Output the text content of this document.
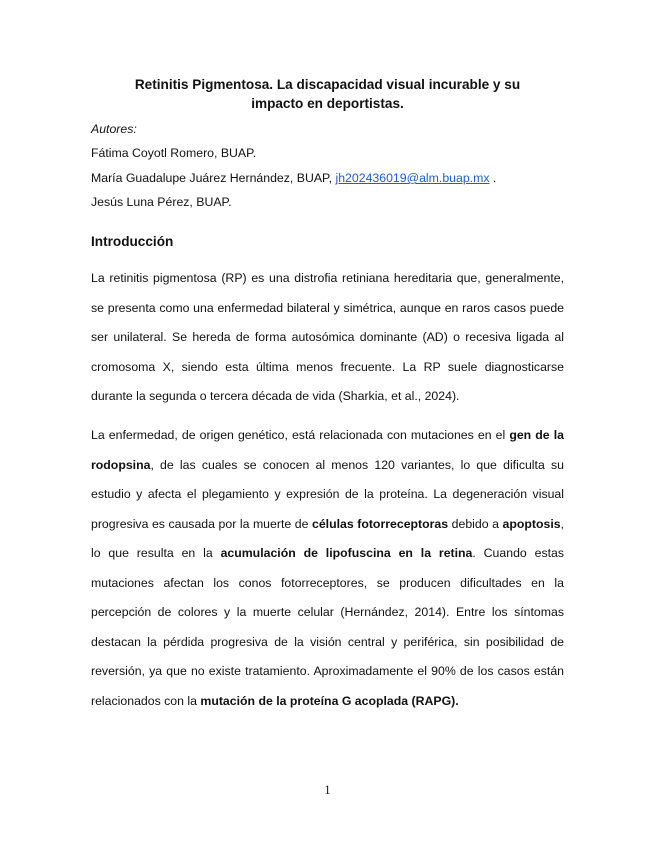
Retinitis Pigmentosa. La discapacidad visual incurable y su
impacto en deportistas.
Autores:
Fátima Coyotl Romero, BUAP.
María Guadalupe Juárez Hernández, BUAP, jh202436019@alm.buap.mx .
Jesús Luna Pérez, BUAP.
Introducción
La retinitis pigmentosa (RP) es una distrofia retiniana hereditaria que, generalmente, se presenta como una enfermedad bilateral y simétrica, aunque en raros casos puede ser unilateral. Se hereda de forma autosómica dominante (AD) o recesiva ligada al cromosoma X, siendo esta última menos frecuente. La RP suele diagnosticarse durante la segunda o tercera década de vida (Sharkia, et al., 2024).
La enfermedad, de origen genético, está relacionada con mutaciones en el gen de la rodopsina, de las cuales se conocen al menos 120 variantes, lo que dificulta su estudio y afecta el plegamiento y expresión de la proteína. La degeneración visual progresiva es causada por la muerte de células fotorreceptoras debido a apoptosis, lo que resulta en la acumulación de lipofuscina en la retina. Cuando estas mutaciones afectan los conos fotorreceptores, se producen dificultades en la percepción de colores y la muerte celular (Hernández, 2014). Entre los síntomas destacan la pérdida progresiva de la visión central y periférica, sin posibilidad de reversión, ya que no existe tratamiento. Aproximadamente el 90% de los casos están relacionados con la mutación de la proteína G acoplada (RAPG).
1
